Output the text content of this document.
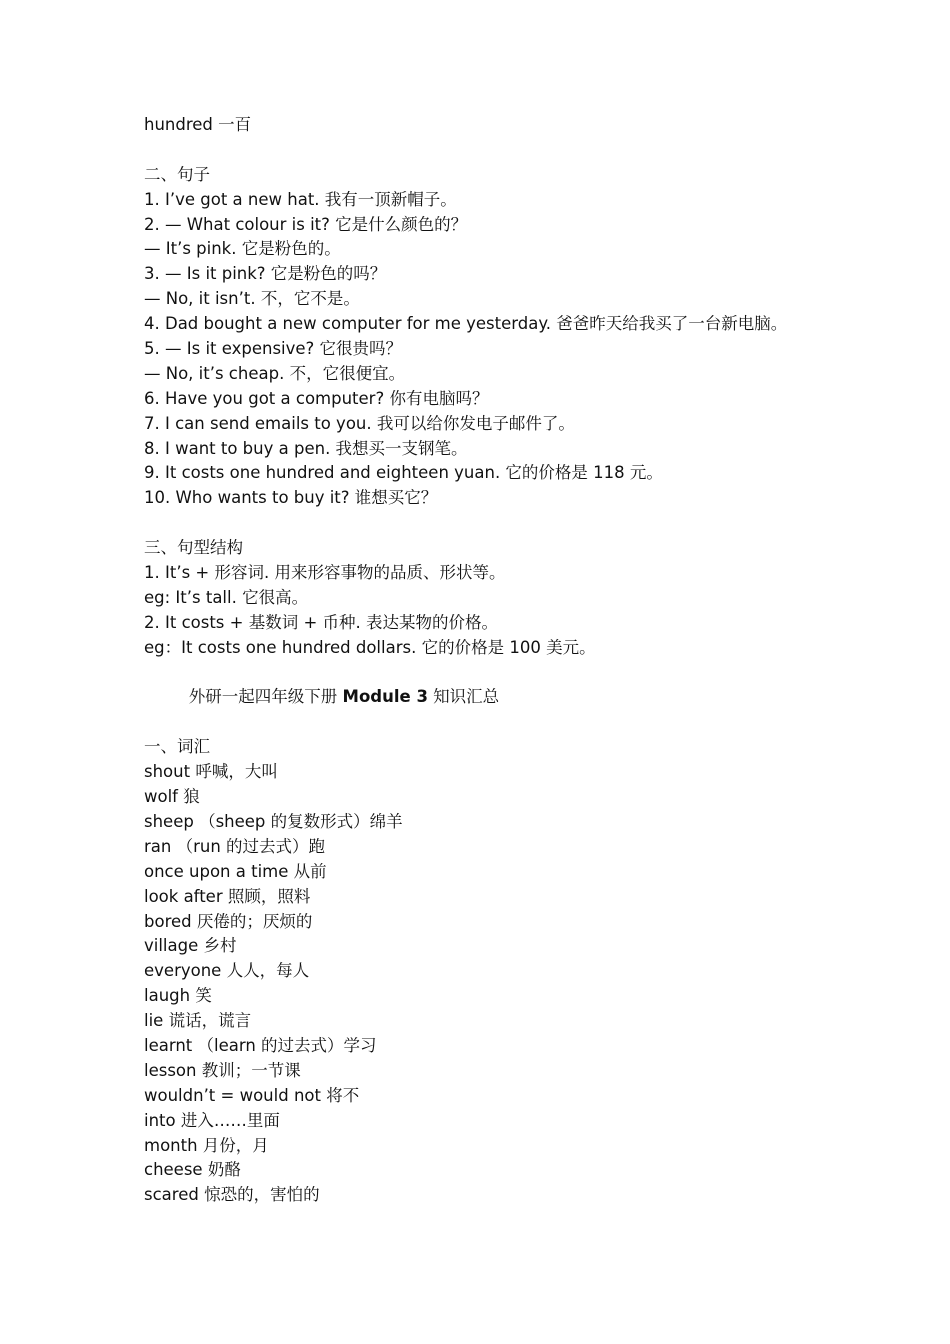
hundred 一百
二、句子
1. I’ve got a new hat. 我有一顶新帽子。
2. — What colour is it? 它是什么颜色的？
— It’s pink. 它是粉色的。
3. — Is it pink? 它是粉色的吗？
— No, it isn’t. 不，它不是。
4. Dad bought a new computer for me yesterday. 爸爸昨天给我买了一台新电脑。
5. — Is it expensive? 它很贵吗？
— No, it’s cheap. 不，它很便宜。
6. Have you got a computer? 你有电脑吗？
7. I can send emails to you. 我可以给你发电子邮件了。
8. I want to buy a pen. 我想买一支钢笔。
9. It costs one hundred and eighteen yuan. 它的价格是 118 元。
10. Who wants to buy it? 谁想买它？
三、句型结构
1. It’s + 形容词. 用来形容事物的品质、形状等。
eg: It’s tall. 它很高。
2. It costs + 基数词 + 币种. 表达某物的价格。
eg：It costs one hundred dollars. 它的价格是 100 美元。
外研一起四年级下册 Module 3 知识汇总
一、词汇
shout 呼喊，大叫
wolf 狼
sheep （sheep 的复数形式）绵羊
ran （run 的过去式）跑
once upon a time 从前
look after 照顾，照料
bored 厌倦的；厌烦的
village 乡村
everyone 人人，每人
laugh 笑
lie 谎话，谎言
learnt （learn 的过去式）学习
lesson 教训；一节课
wouldn’t = would not 将不
into 进入……里面
month 月份，月
cheese 奶酪
scared 惊恐的，害怕的
